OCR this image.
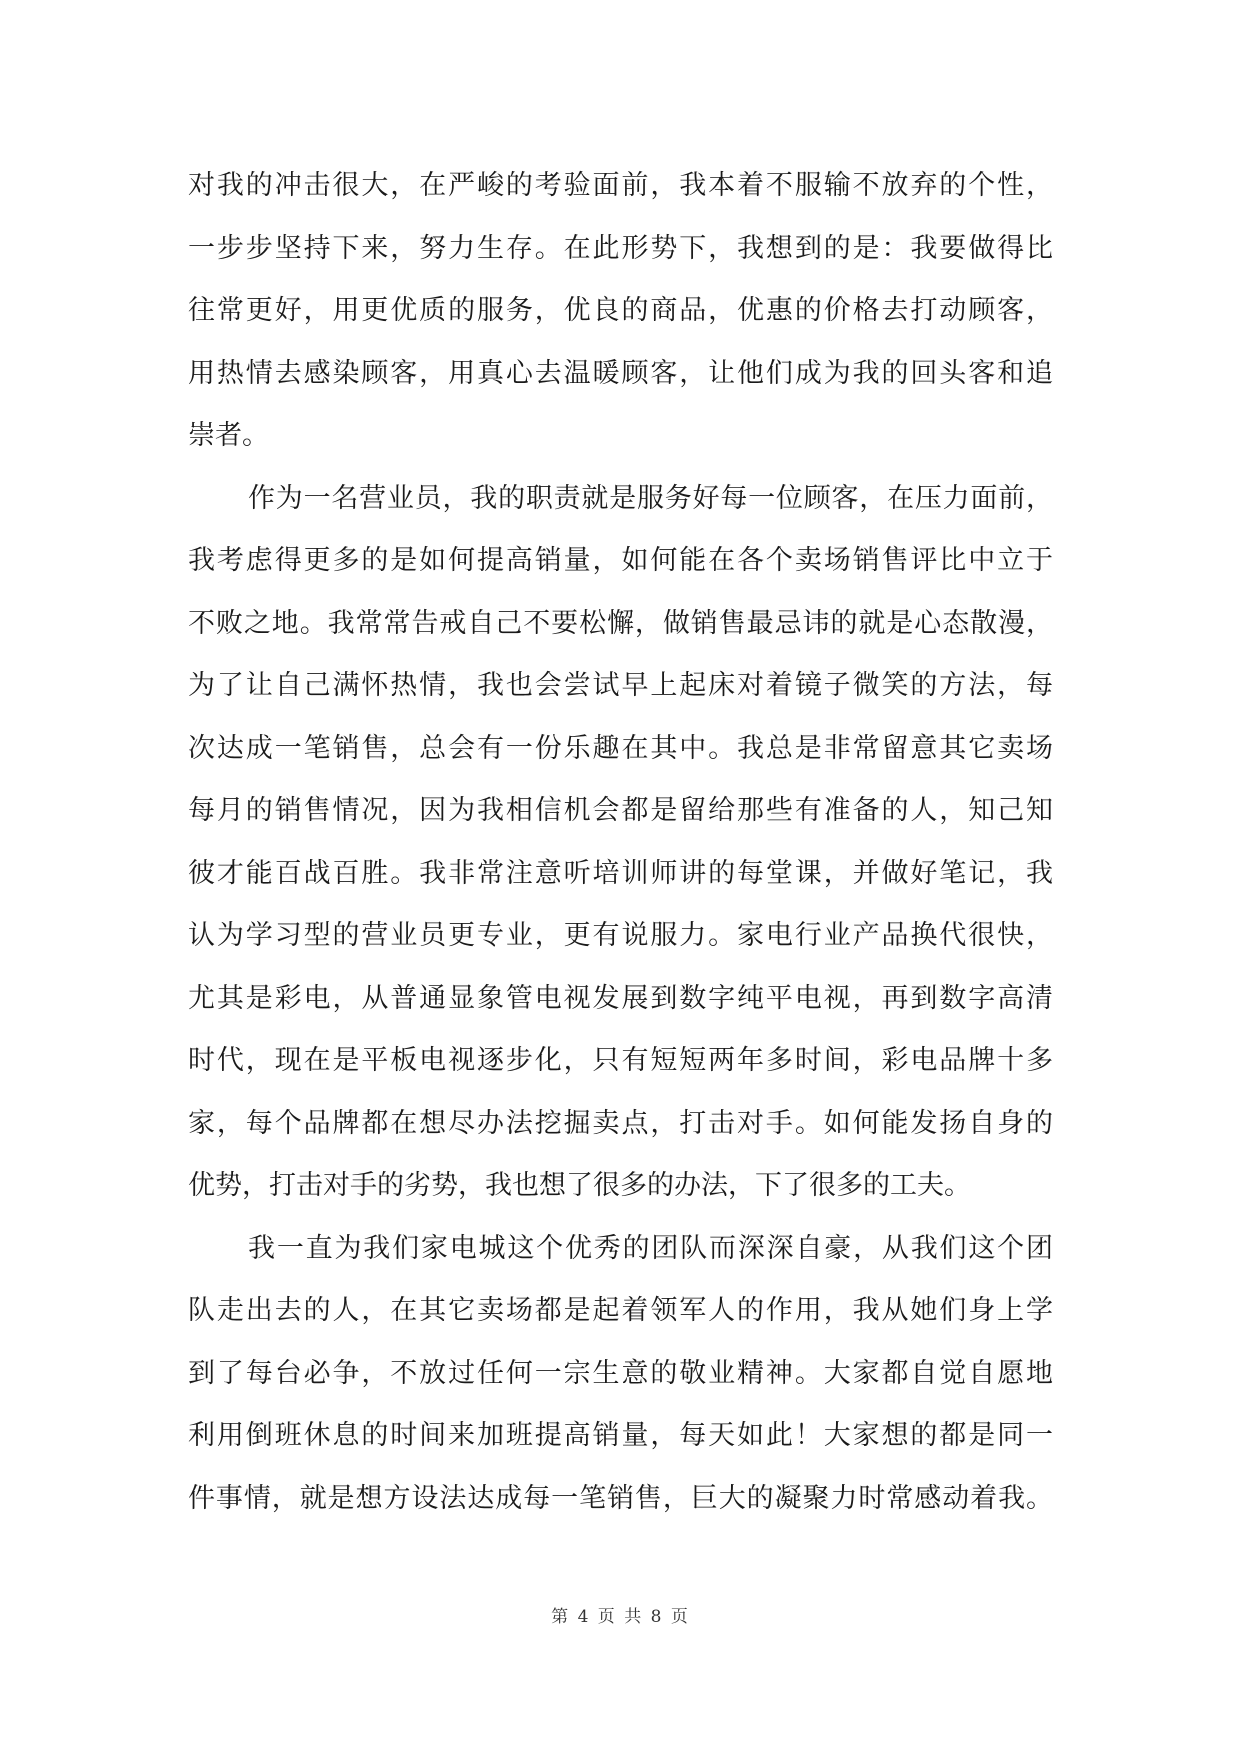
对我的冲击很大，在严峻的考验面前，我本着不服输不放弃的个性，
一步步坚持下来，努力生存。在此形势下，我想到的是：我要做得比
往常更好，用更优质的服务，优良的商品，优惠的价格去打动顾客，
用热情去感染顾客，用真心去温暖顾客，让他们成为我的回头客和追
崇者。
作为一名营业员，我的职责就是服务好每一位顾客，在压力面前，
我考虑得更多的是如何提高销量，如何能在各个卖场销售评比中立于
不败之地。我常常告戒自己不要松懈，做销售最忌讳的就是心态散漫，
为了让自己满怀热情，我也会尝试早上起床对着镜子微笑的方法，每
次达成一笔销售，总会有一份乐趣在其中。我总是非常留意其它卖场
每月的销售情况，因为我相信机会都是留给那些有准备的人，知己知
彼才能百战百胜。我非常注意听培训师讲的每堂课，并做好笔记，我
认为学习型的营业员更专业，更有说服力。家电行业产品换代很快，
尤其是彩电，从普通显象管电视发展到数字纯平电视，再到数字高清
时代，现在是平板电视逐步化，只有短短两年多时间，彩电品牌十多
家，每个品牌都在想尽办法挖掘卖点，打击对手。如何能发扬自身的
优势，打击对手的劣势，我也想了很多的办法，下了很多的工夫。
我一直为我们家电城这个优秀的团队而深深自豪，从我们这个团
队走出去的人，在其它卖场都是起着领军人的作用，我从她们身上学
到了每台必争，不放过任何一宗生意的敬业精神。大家都自觉自愿地
利用倒班休息的时间来加班提高销量，每天如此！大家想的都是同一
件事情，就是想方设法达成每一笔销售，巨大的凝聚力时常感动着我。
第 4 页 共 8 页
